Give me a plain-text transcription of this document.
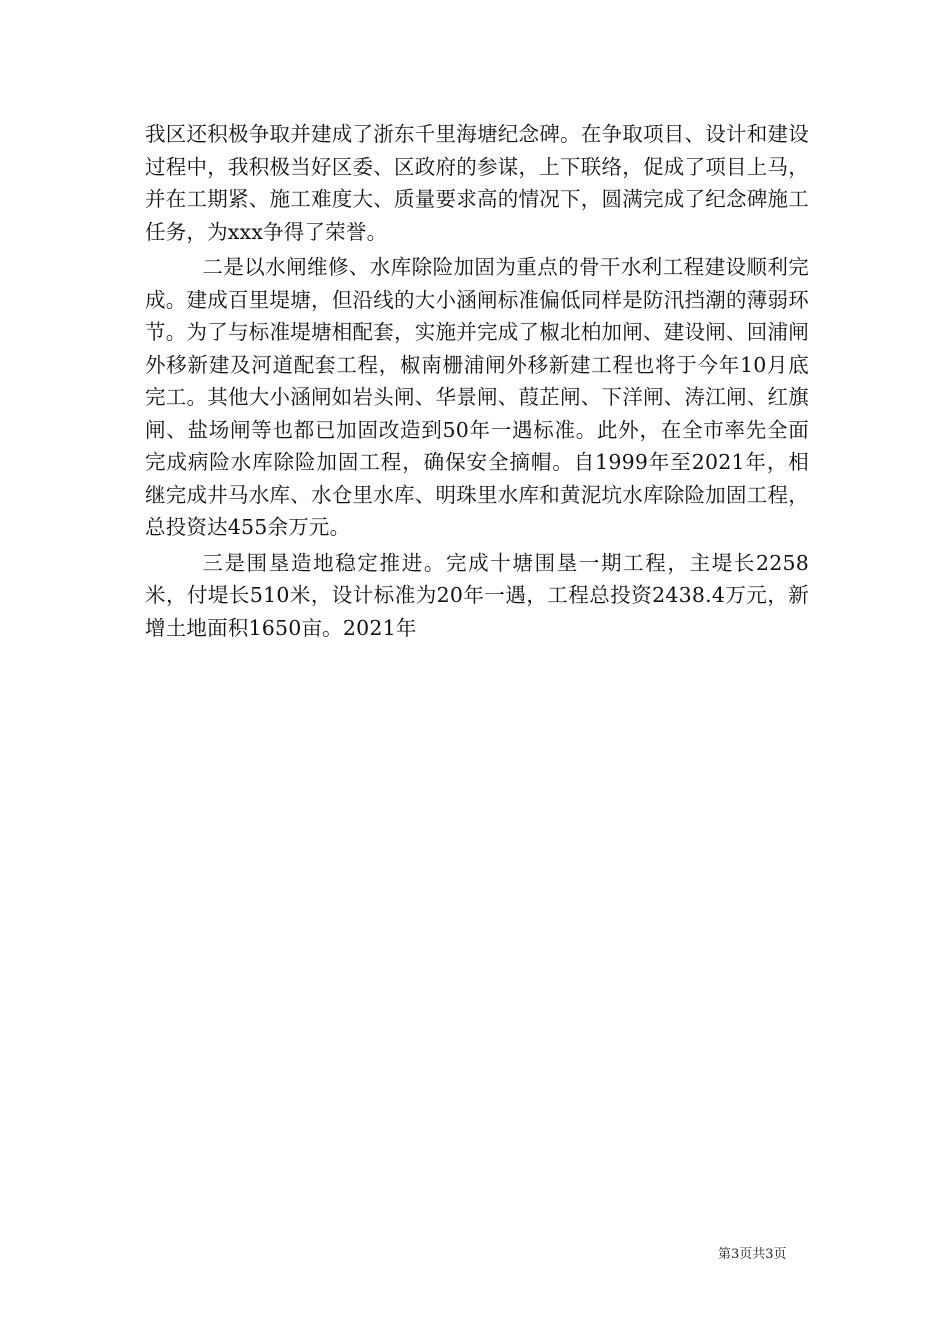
我区还积极争取并建成了浙东千里海塘纪念碑。在争取项目、设计和建设过程中，我积极当好区委、区政府的参谋，上下联络，促成了项目上马，并在工期紧、施工难度大、质量要求高的情况下，圆满完成了纪念碑施工任务，为xxx争得了荣誉。

二是以水闸维修、水库除险加固为重点的骨干水利工程建设顺利完成。建成百里堤塘，但沿线的大小涵闸标准偏低同样是防汛挡潮的薄弱环节。为了与标准堤塘相配套，实施并完成了椒北柏加闸、建设闸、回浦闸外移新建及河道配套工程，椒南栅浦闸外移新建工程也将于今年10月底完工。其他大小涵闸如岩头闸、华景闸、葭芷闸、下洋闸、涛江闸、红旗闸、盐场闸等也都已加固改造到50年一遇标准。此外，在全市率先全面完成病险水库除险加固工程，确保安全摘帽。自1999年至2021年，相继完成井马水库、水仓里水库、明珠里水库和黄泥坑水库除险加固工程，总投资达455余万元。

三是围垦造地稳定推进。完成十塘围垦一期工程，主堤长2258米，付堤长510米，设计标准为20年一遇，工程总投资2438.4万元，新增土地面积1650亩。2021年

第3页共3页
